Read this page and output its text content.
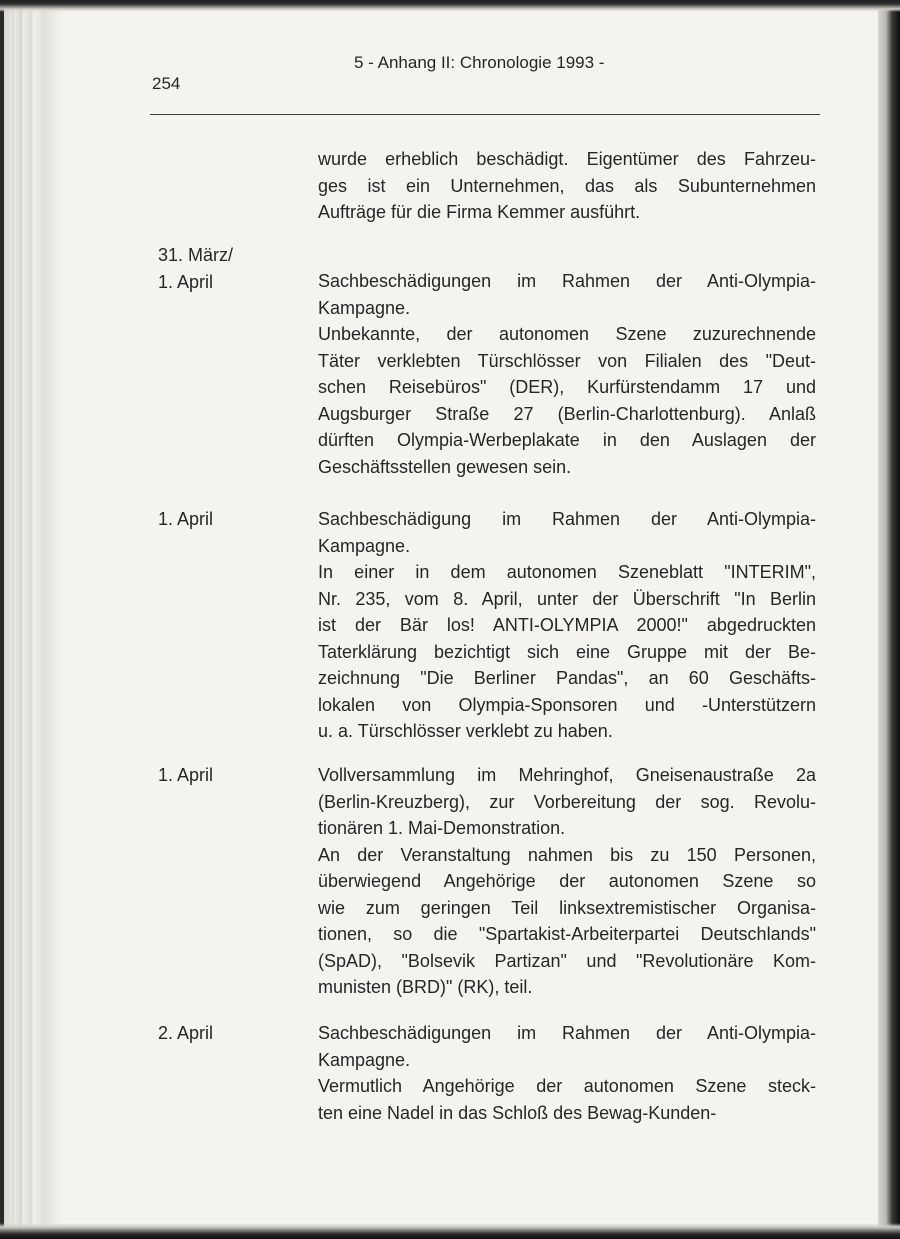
254
5 - Anhang II: Chronologie 1993 -

wurde erheblich beschädigt. Eigentümer des Fahrzeu-
ges ist ein Unternehmen, das als Subunternehmen
Aufträge für die Firma Kemmer ausführt.

31. März/
1. April	Sachbeschädigungen im Rahmen der Anti-Olympia-
Kampagne.

Unbekannte, der autonomen Szene zuzurechnende
Täter verklebten Türschlösser von Filialen des "Deut-
schen Reisebüros" (DER), Kurfürstendamm 17 und
Augsburger Straße 27 (Berlin-Charlottenburg). Anlaß
dürften Olympia-Werbeplakate in den Auslagen der
Geschäftsstellen gewesen sein.

1. April	Sachbeschädigung im Rahmen der Anti-Olympia-
Kampagne.

In einer in dem autonomen Szeneblatt "INTERIM",
Nr. 235, vom 8. April, unter der Überschrift "In Berlin
ist der Bär los! ANTI-OLYMPIA 2000!" abgedruckten
Taterklärung bezichtigt sich eine Gruppe mit der Be-
zeichnung "Die Berliner Pandas", an 60 Geschäfts-
lokalen von Olympia-Sponsoren und -Unterstützern
u. a. Türschlösser verklebt zu haben.

1. April	Vollversammlung im Mehringhof, Gneisenaustraße 2a
(Berlin-Kreuzberg), zur Vorbereitung der sog. Revolu-
tionären 1. Mai-Demonstration.

An der Veranstaltung nahmen bis zu 150 Personen,
überwiegend Angehörige der autonomen Szene so
wie zum geringen Teil linksextremistischer Organisa-
tionen, so die "Spartakist-Arbeiterpartei Deutschlands"
(SpAD), "Bolsevik Partizan" und "Revolutionäre Kom-
munisten (BRD)" (RK), teil.

2. April	Sachbeschädigungen im Rahmen der Anti-Olympia-
Kampagne.

Vermutlich Angehörige der autonomen Szene steck-
ten eine Nadel in das Schloß des Bewag-Kunden-
